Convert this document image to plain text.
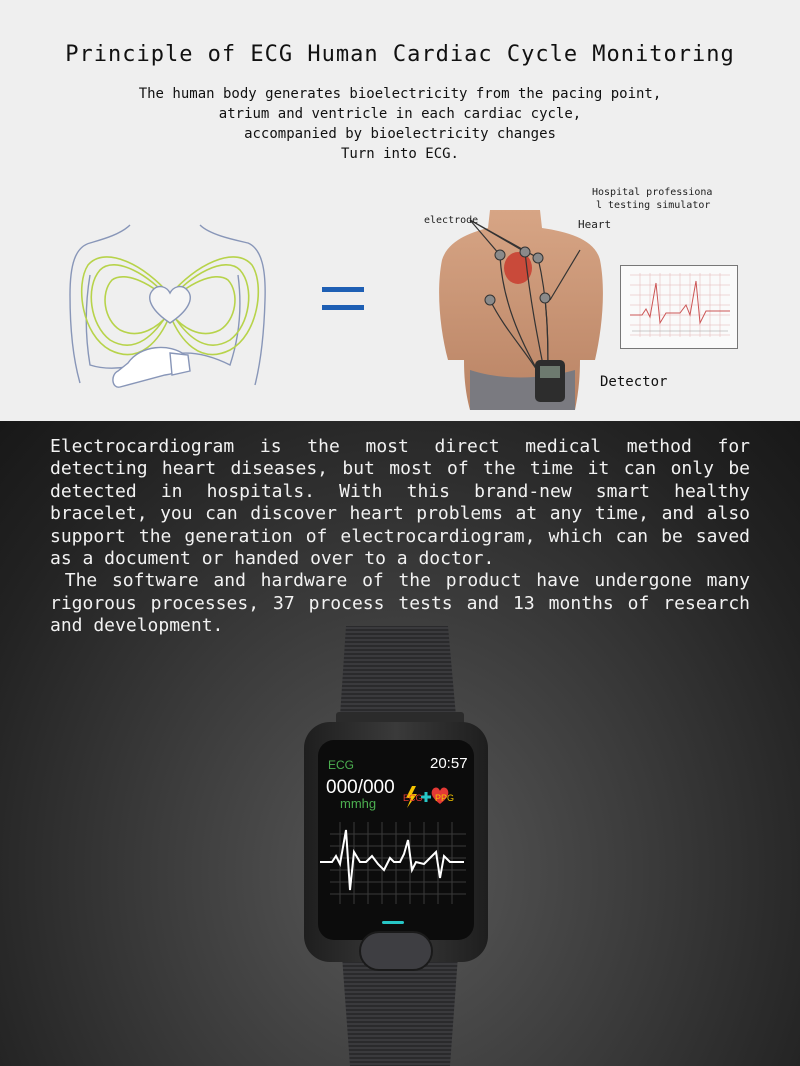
Principle of ECG Human Cardiac Cycle Monitoring
The human body generates bioelectricity from the pacing point,
atrium and ventricle in each cardiac cycle,
accompanied by bioelectricity changes
Turn into ECG.
electrode	Heart
Hospital professiona
l testing simulator
Detector

Electrocardiogram is the most direct medical method for detecting heart diseases, but most of the time it can only be detected in hospitals. With this brand-new smart healthy bracelet, you can discover heart problems at any time, and also support the generation of electrocardiogram, which can be saved as a document or handed over to a doctor.

The software and hardware of the product have undergone many rigorous processes, 37 process tests and 13 months of research and development.

ECG	20:57
000/000
mmhg	ECG PPG
